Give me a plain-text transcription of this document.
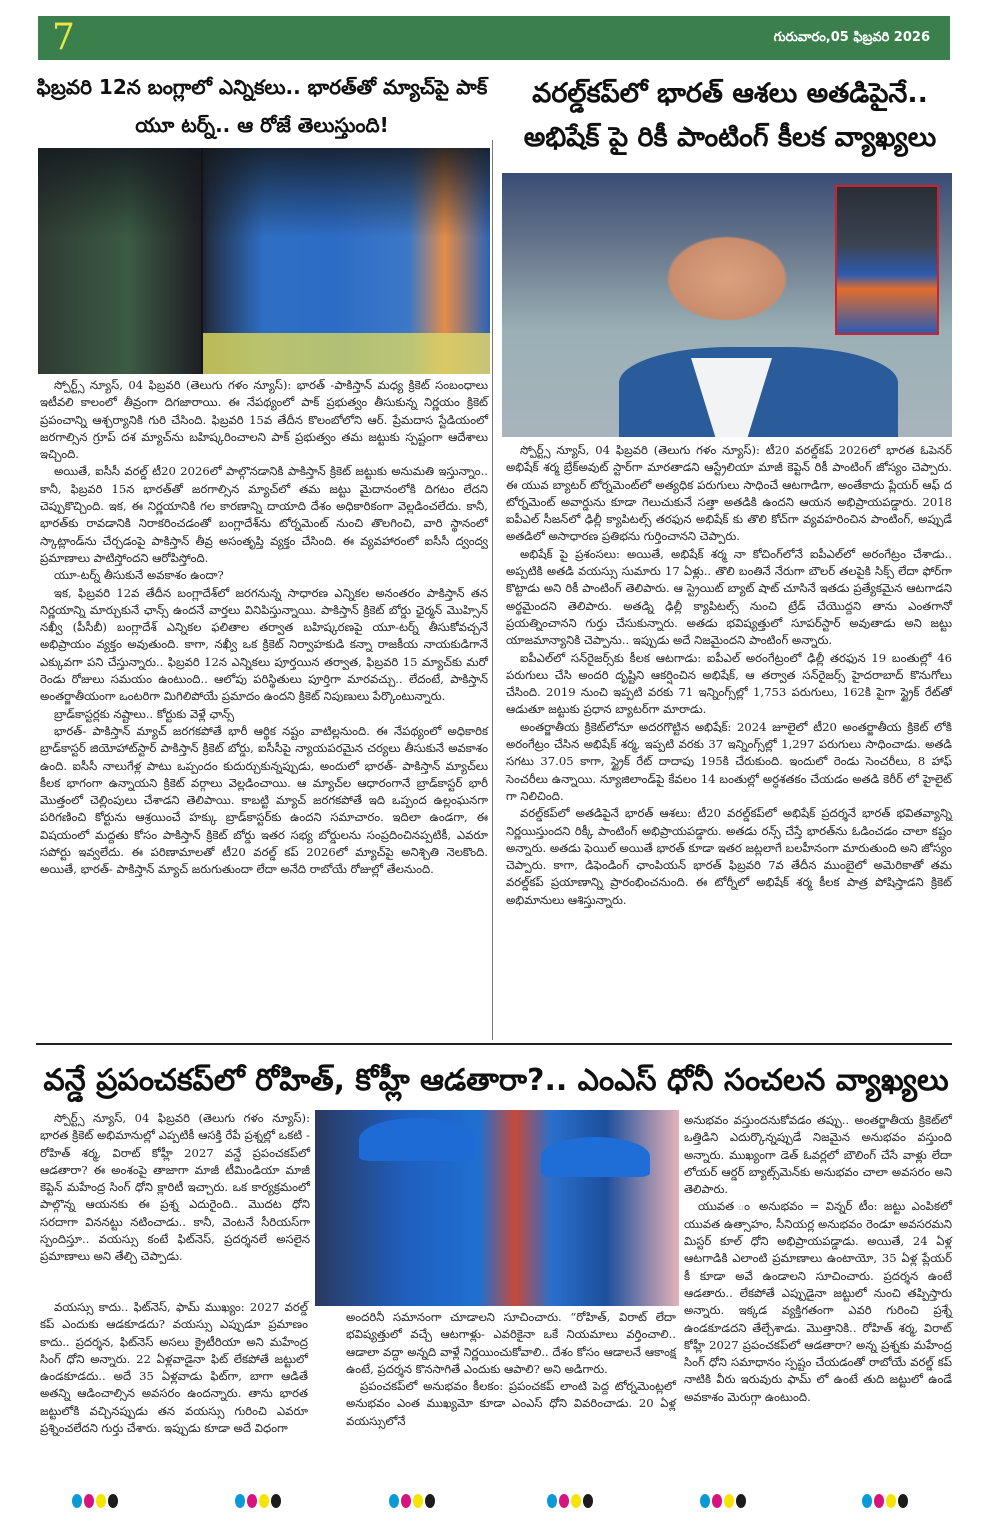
7	గురువారం,05 ఫిబ్రవరి 2026
ఫిబ్రవరి 12న బంగ్లాలో ఎన్నికలు.. భారత్‌తో మ్యాచ్‌పై పాక్ యూ టర్న్.. ఆ రోజే తెలుస్తుంది!
వరల్డ్‌కప్‌లో భారత్ ఆశలు అతడిపైనే.. అభిషేక్ పై రికీ పాంటింగ్ కీలక వ్యాఖ్యలు

స్పోర్ట్స్ న్యూస్, 04 ఫిబ్రవరి (తెలుగు గళం న్యూస్): భారత్ -పాకిస్తాన్ మధ్య క్రికెట్ సంబంధాలు ఇటీవలి కాలంలో తీవ్రంగా దిగజారాయి. ఈ నేపథ్యంలో పాక్ ప్రభుత్వం తీసుకున్న నిర్ణయం క్రికెట్ ప్రపంచాన్ని ఆశ్చర్యానికి గురి చేసింది. ఫిబ్రవరి 15వ తేదీన కొలంబోలోని ఆర్. ప్రేమదాస స్టేడియంలో జరగాల్సిన గ్రూప్ దశ మ్యాచ్‌ను బహిష్కరించాలని పాక్ ప్రభుత్వం తమ జట్టుకు స్పష్టంగా ఆదేశాలు ఇచ్చింది.

అయితే, ఐసీసీ వరల్డ్ టీ20 2026లో పాల్గొనడానికి పాకిస్తాన్ క్రికెట్ జట్టుకు అనుమతి ఇస్తున్నాం.. కానీ, ఫిబ్రవరి 15న భారత్‌తో జరగాల్సిన మ్యాచ్‌లో తమ జట్టు మైదానంలోకి దిగటం లేదని చెప్పుకొచ్చింది. ఇక, ఈ నిర్ణయానికి గల కారణాన్ని దాయాది దేశం అధికారికంగా వెల్లడించలేదు. కానీ, భారత్‌కు రావడానికి నిరాకరించడంతో బంగ్లాదేశ్‌ను టోర్నమెంట్ నుంచి తొలగించి, వారి స్థానంలో స్కాట్లాండ్‌ను చేర్చడంపై పాకిస్తాన్ తీవ్ర అసంతృప్తి వ్యక్తం చేసింది. ఈ వ్యవహారంలో ఐసీసీ ద్వంద్వ ప్రమాణాలు పాటిస్తోందని ఆరోపిస్తోంది.

యూ-టర్న్ తీసుకునే అవకాశం ఉందా?

ఇక, ఫిబ్రవరి 12వ తేదీన బంగ్లాదేశ్‌లో జరగనున్న సాధారణ ఎన్నికల అనంతరం పాకిస్తాన్ తన నిర్ణయాన్ని మార్చుకునే ఛాన్స్ ఉందనే వార్తలు వినిపిస్తున్నాయి. పాకిస్తాన్ క్రికెట్ బోర్డు ఛైర్మన్ మొహ్సిన్ నఖ్వీ (పీసీబీ) బంగ్లాదేశ్ ఎన్నికల ఫలితాల తర్వాత బహిష్కరణపై యూ-టర్న్ తీసుకోవచ్చనే అభిప్రాయం వ్యక్తం అవుతుంది. కాగా, నఖ్వీ ఒక క్రికెట్ నిర్వాహకుడి కన్నా రాజకీయ నాయకుడిగానే ఎక్కువగా పని చేస్తున్నారు.. ఫిబ్రవరి 12న ఎన్నికలు పూర్తయిన తర్వాత, ఫిబ్రవరి 15 మ్యాచ్‌కు మరో రెండు రోజులు సమయం ఉంటుంది.. ఆలోపు పరిస్థితులు పూర్తిగా మారవచ్చు.. లేదంటే, పాకిస్తాన్ అంతర్జాతీయంగా ఒంటరిగా మిగిలిపోయే ప్రమాదం ఉందని క్రికెట్ నిపుణులు పేర్కొంటున్నారు.

బ్రాడ్‌కాస్టర్లకు నష్టాలు.. కోర్టుకు వెళ్లే ఛాన్స్

భారత్- పాకిస్తాన్ మ్యాచ్ జరగకపోతే భారీ ఆర్థిక నష్టం వాటిల్లనుంది. ఈ నేపథ్యంలో అధికారిక బ్రాడ్‌కాస్టర్ జియోహాట్‌స్టార్ పాకిస్తాన్ క్రికెట్ బోర్డు, ఐసీసీపై న్యాయపరమైన చర్యలు తీసుకునే అవకాశం ఉంది. ఐసీసీ నాలుగేళ్ల పాటు ఒప్పందం కుదుర్చుకున్నప్పుడు, అందులో భారత్- పాకిస్తాన్ మ్యాచ్‌లు కీలక భాగంగా ఉన్నాయని క్రికెట్ వర్గాలు వెల్లడించాయి. ఆ మ్యాచ్‌ల ఆధారంగానే బ్రాడ్‌కాస్టర్ భారీ మొత్తంలో చెల్లింపులు చేశాడని తెలిపాయి. కాబట్టి మ్యాచ్ జరగకపోతే ఇది ఒప్పంద ఉల్లంఘనగా పరిగణించి కోర్టును ఆశ్రయించే హక్కు బ్రాడ్‌కాస్టర్‌కు ఉందని సమాచారం. ఇదిలా ఉండగా, ఈ విషయంలో మద్దతు కోసం పాకిస్తాన్ క్రికెట్ బోర్డు ఇతర సభ్య బోర్డులను సంప్రదించినప్పటికీ, ఎవరూ సపోర్టు ఇవ్వలేదు. ఈ పరిణామాలతో టీ20 వరల్డ్ కప్ 2026లో మ్యాచ్‌పై అనిశ్చితి నెలకొంది. అయితే, భారత్- పాకిస్తాన్ మ్యాచ్ జరుగుతుందా లేదా అనేది రాబోయే రోజుల్లో తేలనుంది.

స్పోర్ట్స్ న్యూస్, 04 ఫిబ్రవరి (తెలుగు గళం న్యూస్): టీ20 వరల్డ్‌కప్ 2026లో భారత ఓపెనర్ అభిషేక్ శర్మ బ్రేక్‌అవుట్ స్టార్‌గా మారతాడని ఆస్ట్రేలియా మాజీ కెప్టెన్ రికీ పాంటింగ్ జోస్యం చెప్పారు. ఈ యువ బ్యాటర్ టోర్నమెంట్‌లో అత్యధిక పరుగులు సాధించే ఆటగాడిగా, అంతేకాదు ప్లేయర్ ఆఫ్ ద టోర్నమెంట్ అవార్డును కూడా గెలుచుకునే సత్తా అతడికి ఉందని ఆయన అభిప్రాయపడ్డారు. 2018 ఐపీఎల్ సీజన్‌లో ఢిల్లీ క్యాపిటల్స్ తరఫున అభిషేక్ కు తొలి కోచ్‌గా వ్యవహరించిన పాంటింగ్, అప్పుడే అతడిలో అసాధారణ ప్రతిభను గుర్తించానని చెప్పారు.

అభిషేక్ పై ప్రశంసలు: అయితే, అభిషేక్ శర్మ నా కోచింగ్‌లోనే ఐపీఎల్‌లో అరంగేట్రం చేశాడు.. అప్పటికి అతడి వయస్సు సుమారు 17 ఏళ్లు.. తొలి బంతినే నేరుగా బౌలర్ తలపైకి సిక్స్ లేదా ఫోర్‌గా కొట్టాడు అని రికీ పాంటింగ్ తెలిపారు. ఆ స్ట్రెయిట్ బ్యాట్ షాట్ చూసినే ఇతడు ప్రత్యేకమైన ఆటగాడని అర్థమైందని తెలిపారు. అతడ్ని ఢిల్లీ క్యాపిటల్స్ నుంచి ట్రేడ్ చేయొద్దని తాను ఎంతగానో ప్రయత్నించానని గుర్తు చేసుకున్నారు. అతడు భవిష్యత్తులో సూపర్‌స్టార్ అవుతాడు అని జట్టు యాజమాన్యానికి చెప్పాను.. ఇప్పుడు అదే నిజమైందని పాంటింగ్ అన్నారు.

ఐపీఎల్‌లో సన్‌రైజర్స్‌కు కీలక ఆటగాడు: ఐపీఎల్ అరంగేట్రంలో ఢిల్లీ తరఫున 19 బంతుల్లో 46 పరుగులు చేసి అందరి దృష్టిని ఆకర్షించిన అభిషేక్, ఆ తర్వాత సన్‌రైజర్స్ హైదరాబాద్ కొనుగోలు చేసింది. 2019 నుంచి ఇప్పటి వరకు 71 ఇన్నింగ్స్‌ల్లో 1,753 పరుగులు, 162కి పైగా స్ట్రైక్ రేట్‌తో ఆడుతూ జట్టుకు ప్రధాన బ్యాటర్‌గా మారాడు.

అంతర్జాతీయ క్రికెట్‌లోనూ అదరగొట్టిన అభిషేక్: 2024 జూలైలో టీ20 అంతర్జాతీయ క్రికెట్ లోకి అరంగేట్రం చేసిన అభిషేక్ శర్మ, ఇప్పటి వరకు 37 ఇన్నింగ్స్‌ల్లో 1,297 పరుగులు సాధించాడు. అతడి సగటు 37.05 కాగా, స్ట్రైక్ రేట్ దాదాపు 195కి చేరుకుంది. ఇందులో రెండు సెంచరీలు, 8 హాఫ్ సెంచరీలు ఉన్నాయి. న్యూజిలాండ్‌పై కేవలం 14 బంతుల్లో అర్ధశతకం చేయడం అతడి కెరీర్ లో హైలైట్ గా నిలిచింది.

వరల్డ్‌కప్‌లో అతడిపైనే భారత్ ఆశలు: టీ20 వరల్డ్‌కప్‌లో అభిషేక్ ప్రదర్శనే భారత్ భవితవ్యాన్ని నిర్ణయిస్తుందని రిక్కీ పాంటింగ్ అభిప్రాయపడ్డారు. అతడు రన్స్ చేస్తే భారత్‌ను ఓడించడం చాలా కష్టం అన్నారు. అతడు ఫెయిల్ అయితే భారత్ కూడా ఇతర జట్లలాగే బలహీనంగా మారుతుంది అని జోస్యం చెప్పారు. కాగా, డిఫెండింగ్ ఛాంపియన్ భారత్ ఫిబ్రవరి 7వ తేదీన ముంబైలో అమెరికాతో తమ వరల్డ్‌కప్ ప్రయాణాన్ని ప్రారంభించనుంది. ఈ టోర్నీలో అభిషేక్ శర్మ కీలక పాత్ర పోషిస్తాడని క్రికెట్ అభిమానులు ఆశిస్తున్నారు.

వన్డే ప్రపంచకప్‌లో రోహిత్, కోహ్లీ ఆడతారా?.. ఎంఎస్ ధోనీ సంచలన వ్యాఖ్యలు

స్పోర్ట్స్ న్యూస్, 04 ఫిబ్రవరి (తెలుగు గళం న్యూస్): భారత క్రికెట్ అభిమానుల్లో ఎప్పటికీ ఆసక్తి రేపే ప్రశ్నల్లో ఒకటి - రోహిత్ శర్మ, విరాట్ కోహ్లీ 2027 వన్డే ప్రపంచకప్‌లో ఆడతారా? ఈ అంశంపై తాజాగా మాజీ టీమిండియా మాజీ కెప్టెన్ మహేంద్ర సింగ్ ధోని క్లారిటీ ఇచ్చారు. ఒక కార్యక్రమంలో పాల్గొన్న ఆయనకు ఈ ప్రశ్న ఎదురైంది.. మొదట ధోని సరదాగా విననట్టు నటించాడు.. కానీ, వెంటనే సీరియస్‌గా స్పందిస్తూ.. వయస్సు కంటే ఫిట్‌నెస్, ప్రదర్శనలే అసలైన ప్రమాణాలు అని తేల్చి చెప్పాడు.

వయస్సు కాదు.. ఫిట్‌నెస్, ఫామ్ ముఖ్యం: 2027 వరల్డ్ కప్ ఎందుకు ఆడకూడదు? వయస్సు ఎప్పుడూ ప్రమాణం కాదు.. ప్రదర్శన, ఫిట్‌నెస్ అసలు క్రైటీరియా అని మహేంద్ర సింగ్ ధోని అన్నారు. 22 ఏళ్లవాడైనా ఫిట్ లేకపోతే జట్టులో ఉండకూడదు.. అదే 35 ఏళ్లవాడు ఫిట్‌గా, బాగా ఆడితే అతన్ని ఆడించాల్సిన అవసరం ఉందన్నారు. తాను భారత జట్టులోకి వచ్చినప్పుడు తన వయస్సు గురించి ఎవరూ ప్రశ్నించలేదని గుర్తు చేశారు. ఇప్పుడు కూడా అదే విధంగా

అందరినీ సమానంగా చూడాలని సూచించారు. “రోహిత్, విరాట్ లేదా భవిష్యత్తులో వచ్చే ఆటగాళ్లు- ఎవరికైనా ఒకే నియమాలు వర్తించాలి.. ఆడాలా వద్దా అన్నది వాళ్లే నిర్ణయించుకోవాలి.. దేశం కోసం ఆడాలనే ఆకాంక్ష ఉంటే, ప్రదర్శన కొనసాగితే ఎందుకు ఆపాలి? అని అడిగారు.

ప్రపంచకప్‌లో అనుభవం కీలకం: ప్రపంచకప్ లాంటి పెద్ద టోర్నమెంట్లలో అనుభవం ఎంత ముఖ్యమో కూడా ఎంఎస్ ధోని వివరించాడు. 20 ఏళ్ల వయస్సులోనే

అనుభవం వస్తుందనుకోవడం తప్పు.. అంతర్జాతీయ క్రికెట్‌లో ఒత్తిడిని ఎదుర్కొన్నప్పుడే నిజమైన అనుభవం వస్తుంది అన్నారు. ముఖ్యంగా డెత్ ఓవర్లలో బౌలింగ్ చేసే వాళ్లు లేదా లోయర్ ఆర్డర్ బ్యాట్స్‌మెన్‌కు అనుభవం చాలా అవసరం అని తెలిపారు.

యువత ం అనుభవం = విన్నర్ టీం: జట్టు ఎంపికలో యువత ఉత్సాహం, సీనియర్ల అనుభవం రెండూ అవసరమని మిస్టర్ కూల్ ధోని అభిప్రాయపడ్డాడు. అయితే, 24 ఏళ్ల ఆటగాడికి ఎలాంటి ప్రమాణాలు ఉంటాయో, 35 ఏళ్ల ప్లేయర్ కీ కూడా అవే ఉండాలని సూచించారు. ప్రదర్శన ఉంటే ఆడతారు.. లేకపోతే ఎప్పుడైనా జట్టులో నుంచి తప్పిస్తారు అన్నారు. ఇక్కడ వ్యక్తిగతంగా ఎవరి గురించి ప్రశ్నే ఉండకూడదని తేల్చేశాడు. మొత్తానికి.. రోహిత్ శర్మ, విరాట్ కోహ్లీ 2027 ప్రపంచకప్‌లో ఆడతారా? అన్న ప్రశ్నకు మహేంద్ర సింగ్ ధోని సమాధానం స్పష్టం చేయడంతో రాబోయే వరల్డ్ కప్ నాటికి వీరు ఇరువురు ఫామ్ లో ఉంటే తుది జట్టులో ఉండే అవకాశం మెరుగ్గా ఉంటుంది.
